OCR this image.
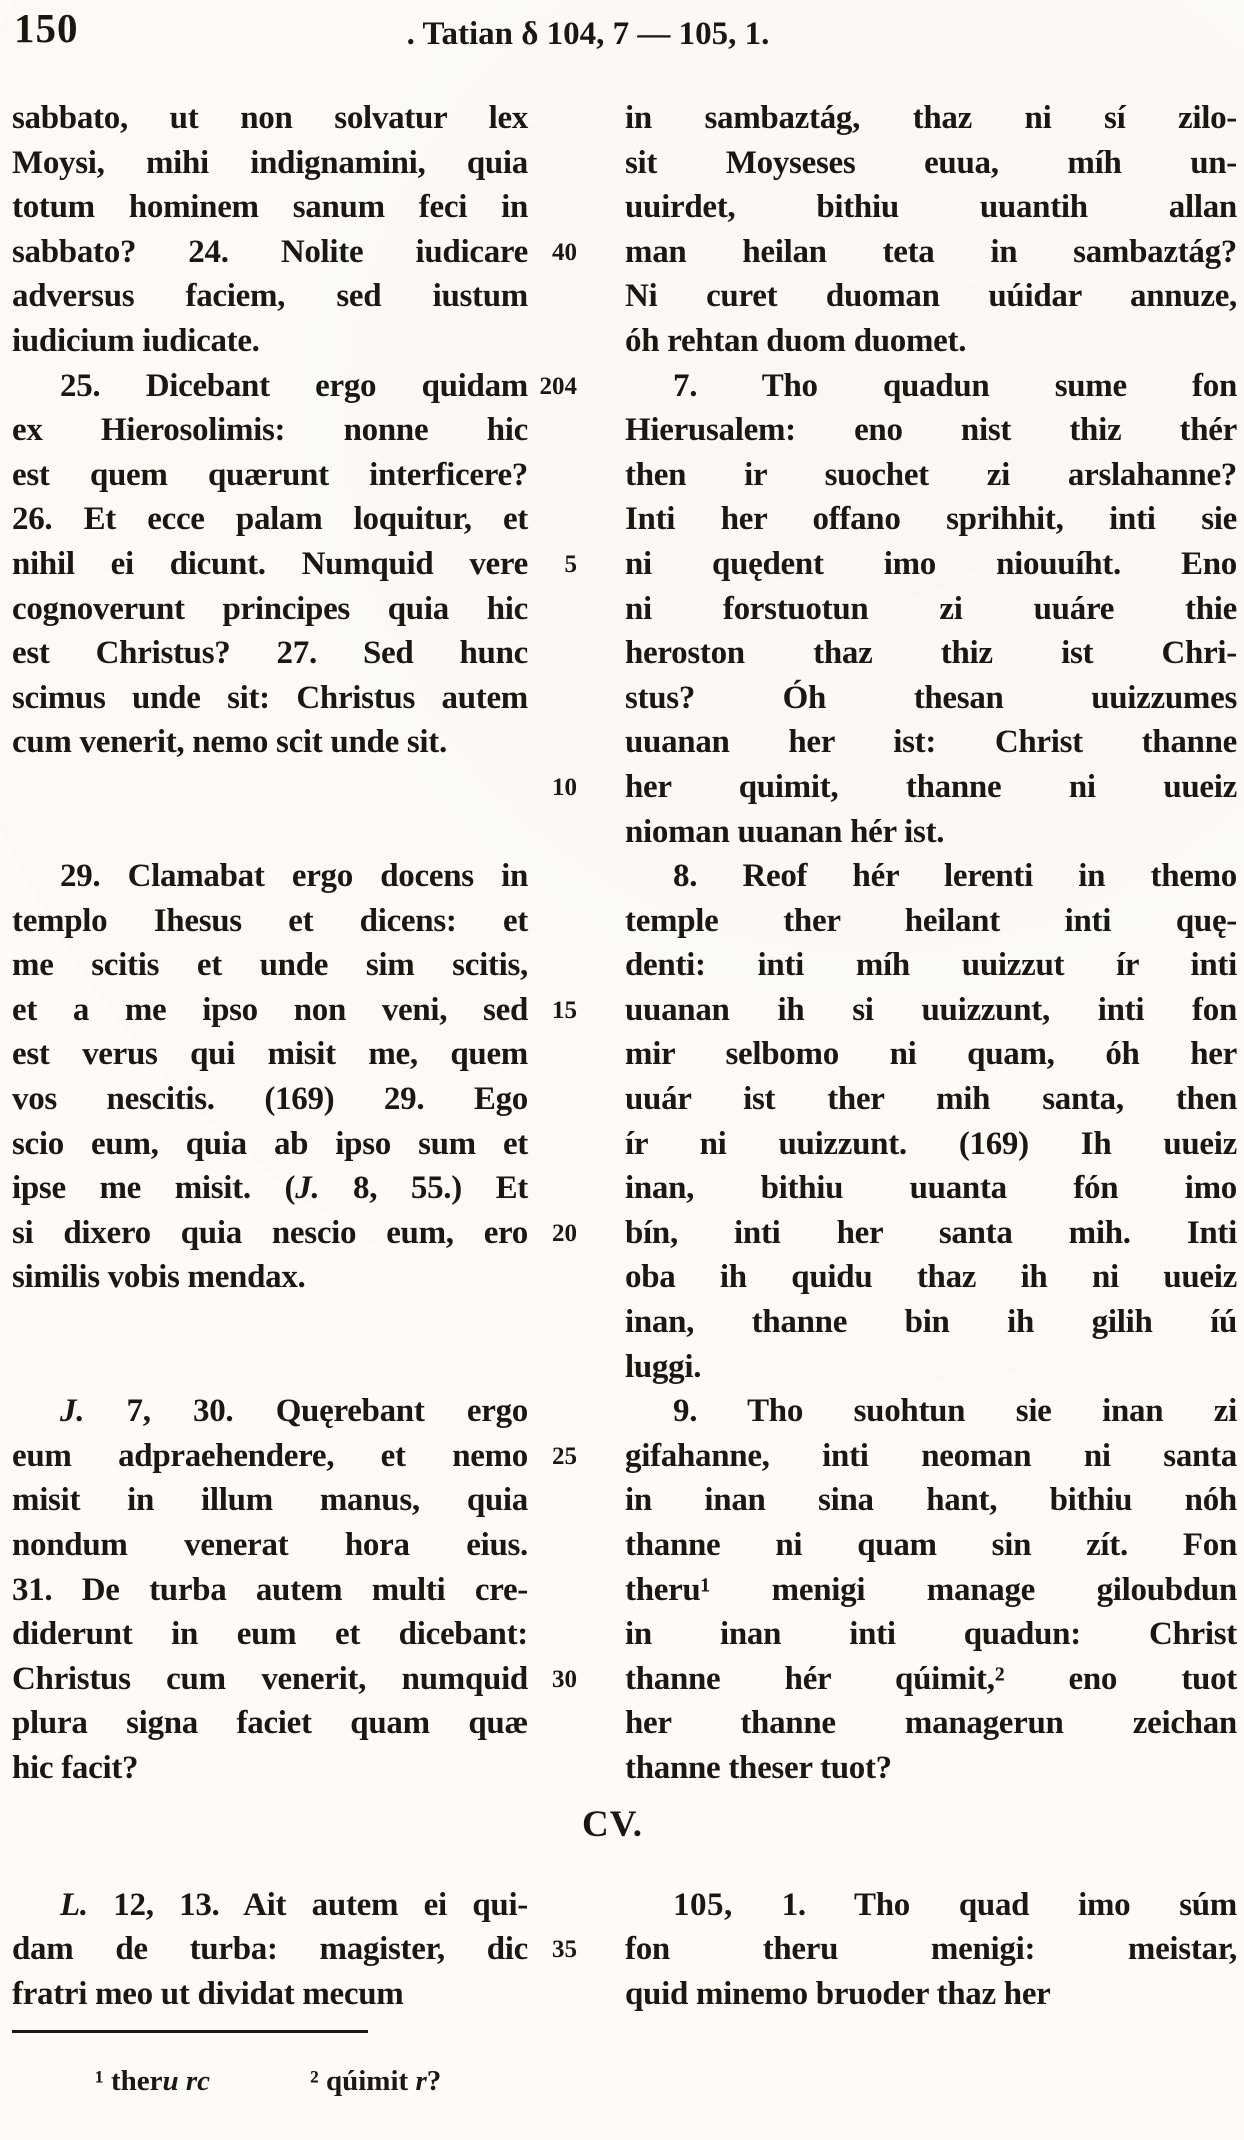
150	. Tatian δ 104, 7 — 105, 1.
sabbato, ut non solvatur lex	in sambaztág, thaz ni sí zilo-
Moysi, mihi indignamini, quia	sit Moyseses euua, míh un-
totum hominem sanum feci in	uuirdet, bithiu uuantih allan
sabbato? 24. Nolite iudicare 40	man heilan teta in sambaztág?
adversus faciem, sed iustum	Ni curet duoman uúidar annuze,
iudicium iudicate.	óh rehtan duom duomet.
25. Dicebant ergo quidam 204	7. Tho quadun sume fon
ex Hierosolimis: nonne hic	Hierusalem: eno nist thiz thér
est quem quærunt interficere?	then ir suochet zi arslahanne?
26. Et ecce palam loquitur, et	Inti her offano sprihhit, inti sie
nihil ei dicunt. Numquid vere	5	ni quędent imo niouuíht. Eno
cognoverunt principes quia hic	ni forstuotun zi uuáre thie
est Christus? 27. Sed hunc	heroston thaz thiz ist Chri-
scimus unde sit: Christus autem	stus? Óh thesan uuizzumes
cum venerit, nemo scit unde sit.	uuanan her ist: Christ thanne
10	her quimit, thanne ni uueiz
nioman uuanan hér ist.
29. Clamabat ergo docens in	8. Reof hér lerenti in themo
templo Ihesus et dicens: et	temple ther heilant inti quę-
me scitis et unde sim scitis,	denti: inti míh uuizzut ír inti
et a me ipso non veni, sed 15	uuanan ih si uuizzunt, inti fon
est verus qui misit me, quem	mir selbomo ni quam, óh her
vos nescitis. (169) 29. Ego	uuár ist ther mih santa, then
scio eum, quia ab ipso sum et	ír ni uuizzunt. (169) Ih uueiz
ipse me misit. (J. 8, 55.) Et	inan, bithiu uuanta fón imo
si dixero quia nescio eum, ero 20	bín, inti her santa mih. Inti
similis vobis mendax.	oba ih quidu thaz ih ni uueiz
inan, thanne bin ih gilih íú
luggi.
J. 7, 30. Quęrebant ergo	9. Tho suohtun sie inan zi
eum adpraehendere, et nemo 25	gifahanne, inti neoman ni santa
misit in illum manus, quia	in inan sina hant, bithiu nóh
nondum venerat hora eius.	thanne ni quam sin zít. Fon
31. De turba autem multi cre-	theru¹ menigi manage giloubdun
diderunt in eum et dicebant:	in inan inti quadun: Christ
Christus cum venerit, numquid 30	thanne hér qúimit,² eno tuot
plura signa faciet quam quæ	her thanne managerun zeichan
hic facit?	thanne theser tuot?
CV.
L. 12, 13. Ait autem ei qui-	105, 1. Tho quad imo súm
dam de turba: magister, dic 35	fon theru menigi: meistar,
fratri meo ut dividat mecum	quid minemo bruoder thaz her
¹ theru rc	² qúimit r?
